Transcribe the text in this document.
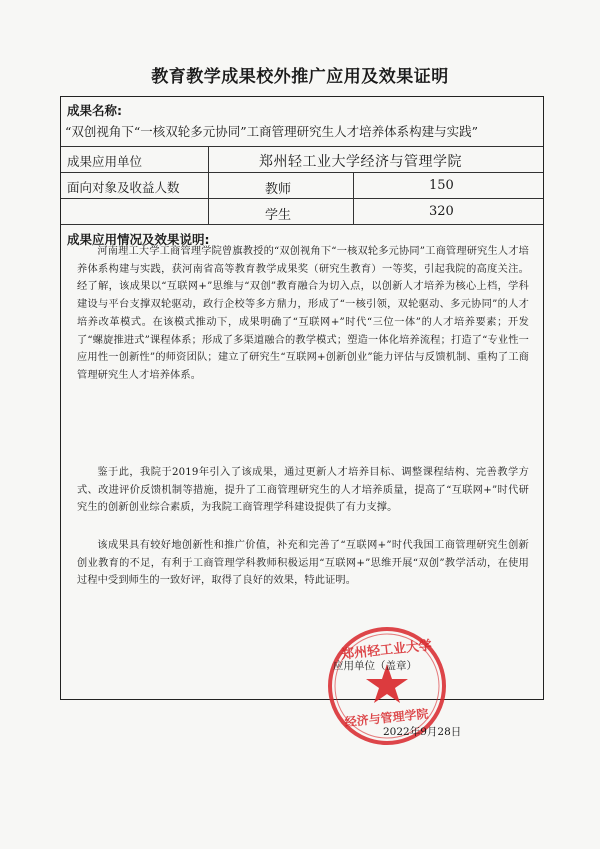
教育教学成果校外推广应用及效果证明
成果名称:
“双创视角下“一核双轮多元协同”工商管理研究生人才培养体系构建与实践”
成果应用单位	郑州轻工业大学经济与管理学院
面向对象及收益人数	教师	150
学生	320
成果应用情况及效果说明:

河南理工大学工商管理学院曾旗教授的“双创视角下“一核双轮多元协同”工商管理研究生人才培养体系构建与实践，获河南省高等教育教学成果奖（研究生教育）一等奖，引起我院的高度关注。经了解，该成果以“互联网+”思维与“双创”教育融合为切入点，以创新人才培养为核心上档，学科建设与平台支撑双轮驱动，政行企校等多方鼎力，形成了“一核引领，双轮驱动、多元协同”的人才培养改革模式。在该模式推动下，成果明确了“互联网+”时代“三位一体”的人才培养要素；开发了“螺旋推进式”课程体系；形成了多渠道融合的教学模式；塑造一体化培养流程；打造了“专业性一应用性一创新性”的师资团队；建立了研究生“互联网+创新创业”能力评估与反馈机制、重构了工商管理研究生人才培养体系。

鉴于此，我院于2019年引入了该成果，通过更新人才培养目标、调整课程结构、完善教学方式、改进评价反馈机制等措施，提升了工商管理研究生的人才培养质量，提高了“互联网+”时代研究生的创新创业综合素质，为我院工商管理学科建设提供了有力支撑。

该成果具有较好地创新性和推广价值，补充和完善了“互联网+”时代我国工商管理研究生创新创业教育的不足，有利于工商管理学科教师积极运用“互联网+”思维开展“双创”教学活动，在使用过程中受到师生的一致好评，取得了良好的效果，特此证明。

郑州轻工业大学
经济与管理学院
应用单位（盖章）
2022年9月28日
